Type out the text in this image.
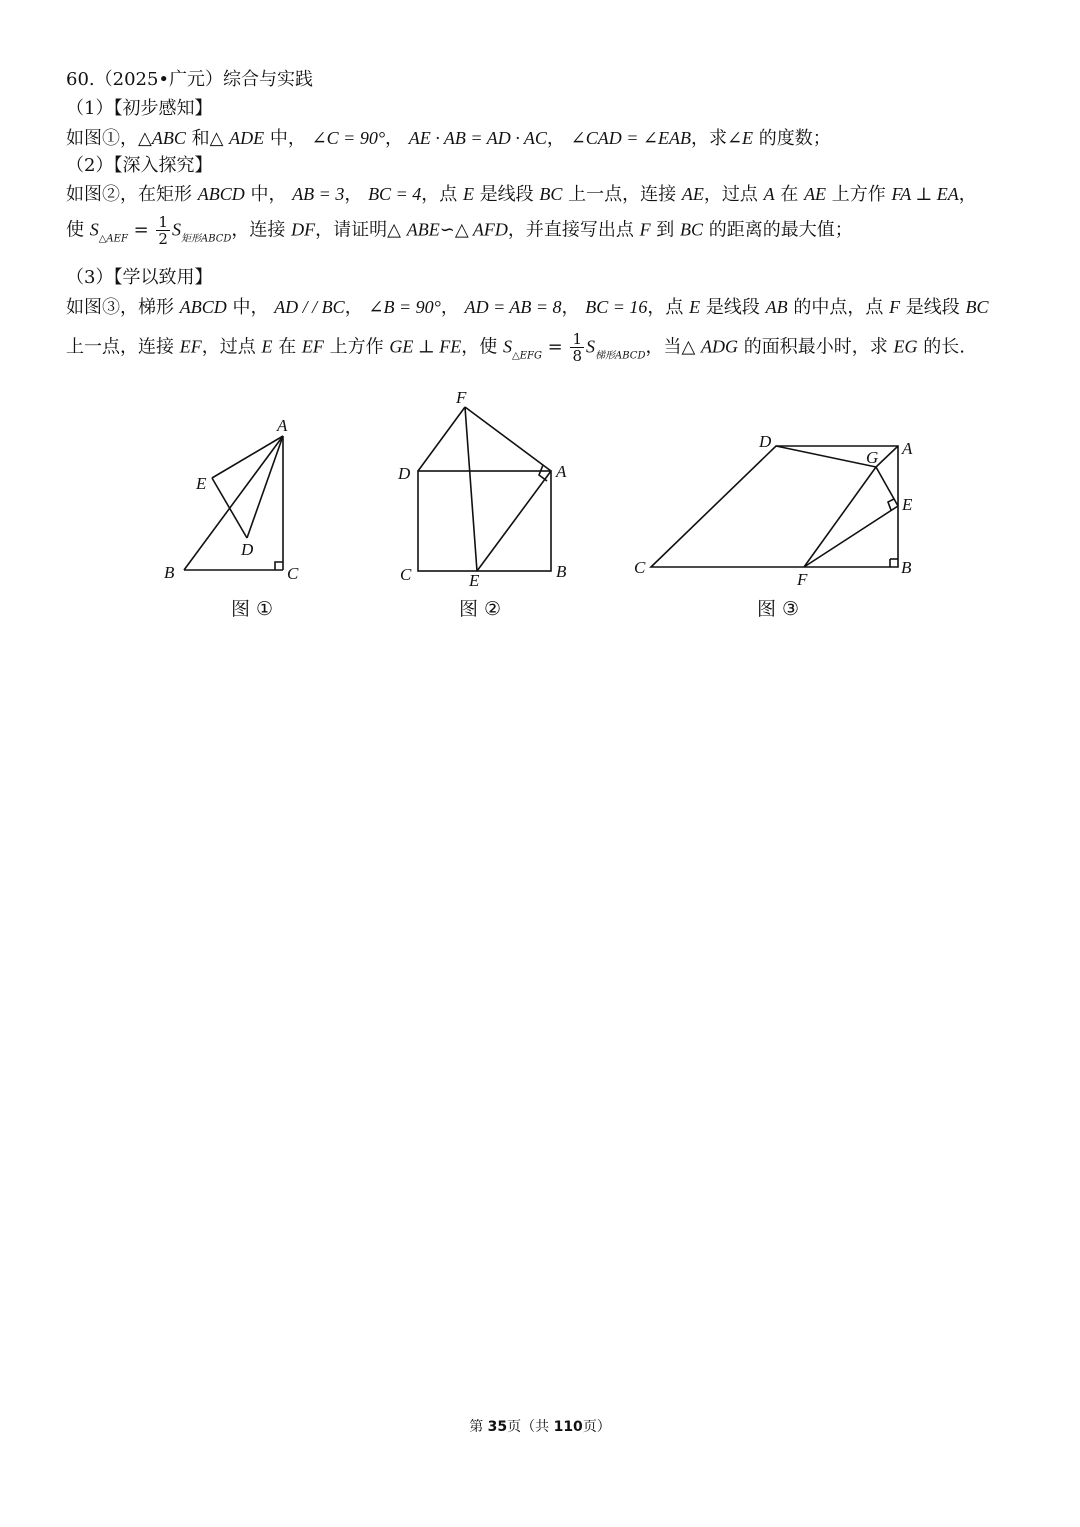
60.（2025•广元）综合与实践
（1）【初步感知】
如图①，△ABC 和△ ADE 中， ∠C = 90°， AE · AB = AD · AC， ∠CAD = ∠EAB，求∠E 的度数；
（2）【深入探究】
如图②，在矩形 ABCD 中， AB = 3， BC = 4，点 E 是线段 BC 上一点，连接 AE，过点 A 在 AE 上方作 FA ⊥ EA，
使 $S_{\triangle AEF} = \frac{1}{2} S_{矩形ABCD}$，连接 DF，请证明△ ABE∽△ AFD，并直接写出点 F 到 BC 的距离的最大值；
（3）【学以致用】
如图③，梯形 ABCD 中， AD / / BC， ∠B = 90°， AD = AB = 8， BC = 16，点 E 是线段 AB 的中点，点 F 是线段 BC
上一点，连接 EF，过点 E 在 EF 上方作 GE ⊥ FE，使 $S_{\triangle EFG} = \frac{1}{8} S_{梯形ABCD}$，当△ ADG 的面积最小时，求 EG 的长.
A
E
D
B	C
F
D	A
C	E	B
D	A
G
E
C
F
B
图 ①	图 ②	图 ③
第 35页（共 110页）
